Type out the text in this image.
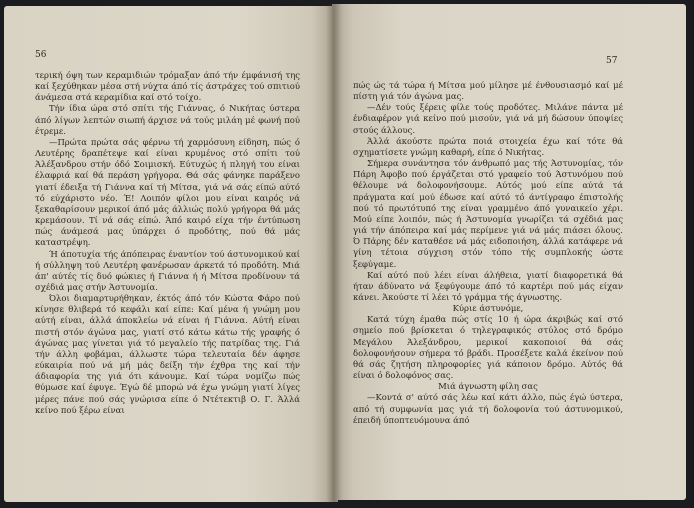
56

τερική όψη των κεραμιδιών τρόμαξαν άπό τήν έμφάνισή της καί ξεχύθηκαν μέσα στή νύχτα άπό τίς άστράχες τού σπιτιού άνάμεσα στά κεραμίδια καί στό τοίχο.

Τήν ίδια ώρα στό σπίτι τής Γιάννας, ό Νικήτας ύστερα άπό λίγων λεπτών σιωπή άρχισε νά τούς μιλάη μέ φωνή πού έτρεμε.

—Πρώτα πρώτα σάς φέρνω τή χαρμόσυνη είδηση, πώς ό Λευτέρης δραπέτεψε καί είναι κρυμένος στό σπίτι τού Άλέξανδρου στήν όδό Σοιμισκή. Εύτυχώς ή πληγή του είναι έλαφριά καί θά περάση γρήγορα. Θά σάς φάνηκε παράξενο γιατί έδειξα τή Γιάννα καί τή Μίτσα, γιά νά σάς είπώ αύτό τό εύχάριστο νέο. Έ! Λοιπόν φίλοι μου είναι καιρός νά ξεκαθαρίσουν μερικοί άπό μάς άλλιώς πολύ γρήγορα θά μάς κρεμάσουν. Τί νά σάς είπώ. Άπό καιρό είχα τήν έντύπωση πώς άνάμεσά μας ύπάρχει ό προδότης, πού θά μάς καταστρέψη.

Ή άποτυχία τής άπόπειρας έναντίον τού άστυνομικού καί ή σύλληψη τού Λευτέρη φανέρωσαν άρκετά τό προδότη. Μιά άπ' αύτές τίς δυό φώκιες ή Γιάννα ή ή Μίτσα προδίνουν τά σχέδιά μας στήν Άστυνομία.

Όλοι διαμαρτυρήθηκαν, έκτός άπό τόν Κώστα Φάρο πού κίνησε θλιβερά τό κεφάλι καί είπε: Καί μένα ή γνώμη μου αύτή είναι, άλλά άποκλείω νά είναι ή Γιάννα. Αύτή είναι πιστή στόν άγώνα μας, γιατί στό κάτω κάτω τής γραφής ό άγώνας μας γίνεται γιά τό μεγαλείο τής πατρίδας της. Γιά τήν άλλη φοβάμαι, άλλωστε τώρα τελευταία δέν άφησε εύκαιρία πού νά μή μάς δείξη τήν έχθρα της καί τήν άδιαφορία της γιά ότι κάνουμε. Καί τώρα νομίζω πώς θύμωσε καί έφυγε. Έγώ δέ μπορώ νά έχω γνώμη γιατί λίγες μέρες πάνε πού σάς γνώρισα είπε ό Ντέτεκτιβ Ο. Γ. Άλλά κείνο πού ξέρω είναι

57

πώς ώς τά τώρα ή Μίτσα μού μίλησε μέ ένθουσιασμό καί μέ πίστη γιά τόν άγώνα μας.

—Δέν τούς ξέρεις φίλε τούς προδότες. Μιλάνε πάντα μέ ένδιαφέρον γιά κείνο πού μισούν, γιά νά μή δώσουν ύποψίες στούς άλλους.

Άλλά άκούστε πρώτα ποιά στοιχεία έχω καί τότε θά σχηματίσετε γνώμη καθαρή, είπε ό Νικήτας.

Σήμερα συνάντησα τόν άνθρωπό μας τής Άστυνομίας, τόν Πάρη Άφοβο πού έργάζεται στό γραφείο τού Άστυνόμου πού θέλουμε νά δολοφονήσουμε. Αύτός μού είπε αύτά τά πράγματα καί μού έδωσε καί αύτό τό άντίγραφο έπιστολής πού τό πρωτότυπό της είναι γραμμένο άπό γυναικείο χέρι. Μού είπε λοιπόν, πώς ή Άστυνομία γνωρίζει τά σχέδιά μας γιά τήν άπόπειρα καί μάς περίμενε γιά νά μάς πιάσει όλους. Ό Πάρης δέν καταθέσε νά μάς ειδοποιήση, άλλά κατάφερε νά γίνη τέτοια σύγχιση στόν τόπο τής συμπλοκής ώστε ξεφύγαμε.

Καί αύτό πού λέει είναι άλήθεια, γιατί διαφορετικά θά ήταν άδύνατο νά ξεφύγουμε άπό τό καρτέρι πού μάς είχαν κάνει. Άκούστε τί λέει τό γράμμα τής άγνωστης.

Κύριε άστυνόμε,

Κατά τύχη έμαθα πώς στίς 10 ή ώρα άκριβώς καί στό σημείο πού βρίσκεται ό τηλεγραφικός στύλος στό δρόμο Μεγάλου Άλεξάνδρου, μερικοί κακοποιοί θά σάς δολοφονήσουν σήμερα τό βράδι. Προσέξετε καλά έκείνον πού θά σάς ζητήση πληροφορίες γιά κάποιον δρόμο. Αύτός θά είναι ό δολοφόνος σας.

Μιά άγνωστη φίλη σας

—Κοντά σ' αύτό σάς λέω καί κάτι άλλο, πώς έγώ ύστερα, από τή συμφωνία μας γιά τή δολοφονία τού άστυνομικού, έπειδή ύποπτευόμουνα άπό
